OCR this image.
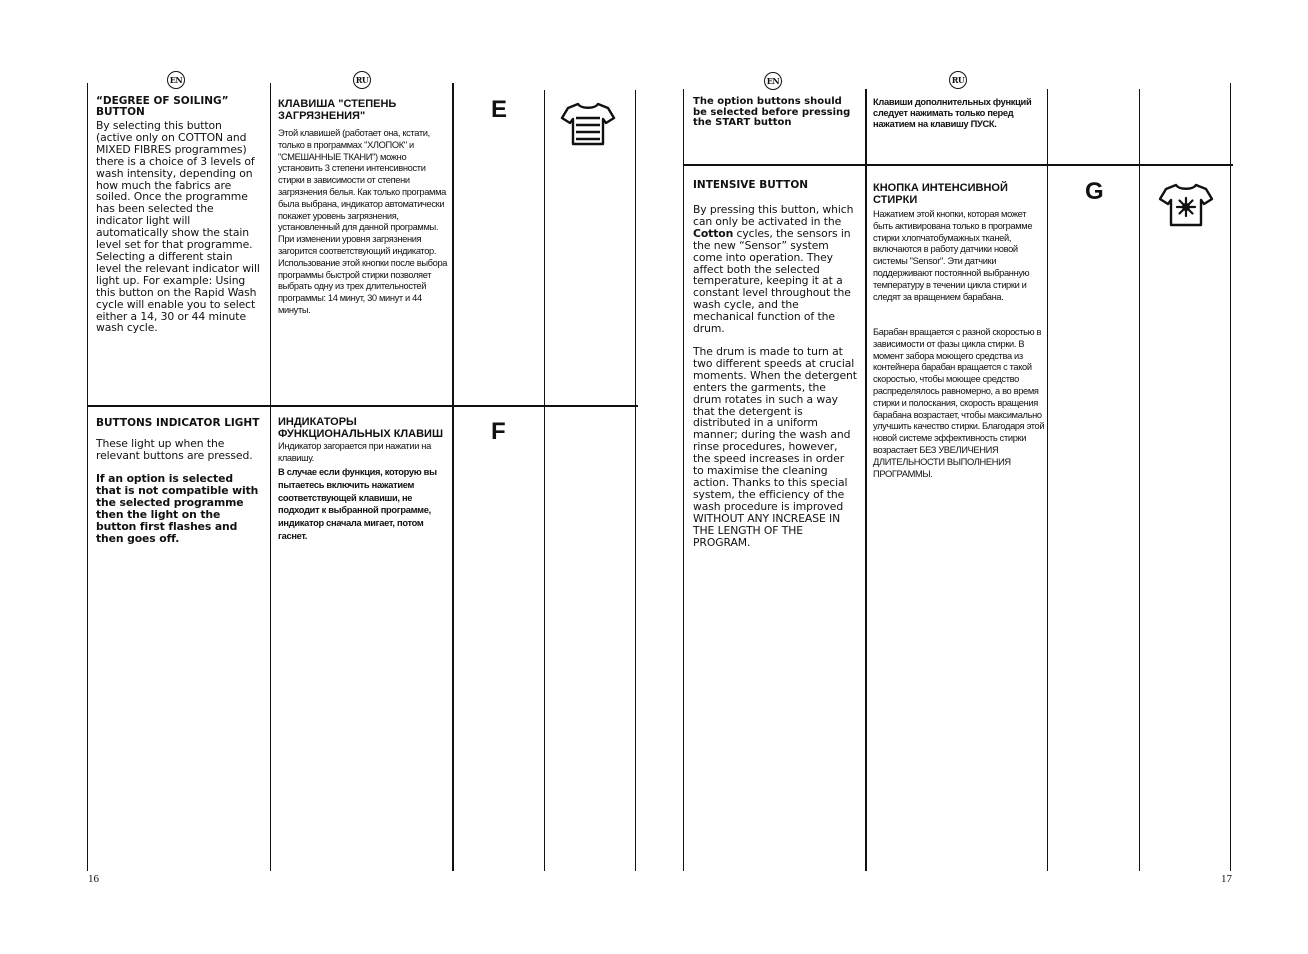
EN	RU
“DEGREE OF SOILING” BUTTON
By selecting this button (active only on COTTON and MIXED FIBRES programmes) there is a choice of 3 levels of wash intensity, depending on how much the fabrics are soiled. Once the programme has been selected the indicator light will automatically show the stain level set for that programme. Selecting a different stain level the relevant indicator will light up. For example: Using this button on the Rapid Wash cycle will enable you to select either a 14, 30 or 44 minute wash cycle.
КЛАВИША "СТЕПЕНЬ ЗАГРЯЗНЕНИЯ"
Этой клавишей (работает она, кстати, только в программах "ХЛОПОК" и "СМЕШАННЫЕ ТКАНИ") можно установить 3 степени интенсивности стирки в зависимости от степени загрязнения белья. Как только программа была выбрана, индикатор автоматически покажет уровень загрязнения, установленный для данной программы. При изменении уровня загрязнения загорится соответствующий индикатор. Использование этой кнопки после выбора программы быстрой стирки позволяет выбрать одну из трех длительностей программы: 14 минут, 30 минут и 44 минуты.
E
BUTTONS INDICATOR LIGHT
These light up when the relevant buttons are pressed.
If an option is selected that is not compatible with the selected programme then the light on the button first flashes and then goes off.
ИНДИКАТОРЫ ФУНКЦИОНАЛЬНЫХ КЛАВИШ
Индикатор загорается при нажатии на клавишу.
В случае если функция, которую вы пытаетесь включить нажатием соответствующей клавиши, не подходит к выбранной программе, индикатор сначала мигает, потом гаснет.
F
16
EN	RU
The option buttons should be selected before pressing the START button
Клавиши дополнительных функций следует нажимать только перед нажатием на клавишу ПУСК.
INTENSIVE BUTTON
By pressing this button, which can only be activated in the Cotton cycles, the sensors in the new “Sensor” system come into operation. They affect both the selected temperature, keeping it at a constant level throughout the wash cycle, and the mechanical function of the drum.
The drum is made to turn at two different speeds at crucial moments. When the detergent enters the garments, the drum rotates in such a way that the detergent is distributed in a uniform manner; during the wash and rinse procedures, however, the speed increases in order to maximise the cleaning action. Thanks to this special system, the efficiency of the wash procedure is improved WITHOUT ANY INCREASE IN THE LENGTH OF THE PROGRAM.
КНОПКА ИНТЕНСИВНОЙ СТИРКИ
Нажатием этой кнопки, которая может быть активирована только в программе стирки хлопчатобумажных тканей, включаются в работу датчики новой системы "Sensor". Эти датчики поддерживают постоянной выбранную температуру в течении цикла стирки и следят за вращением барабана.
Барабан вращается с разной скоростью в зависимости от фазы цикла стирки. В момент забора моющего средства из контейнера барабан вращается с такой скоростью, чтобы моющее средство распределялось равномерно, а во время стирки и полоскания, скорость вращения барабана возрастает, чтобы максимально улучшить качество стирки. Благодаря этой новой системе эффективность стирки возрастает БЕЗ УВЕЛИЧЕНИЯ ДЛИТЕЛЬНОСТИ ВЫПОЛНЕНИЯ ПРОГРАММЫ.
G
17
